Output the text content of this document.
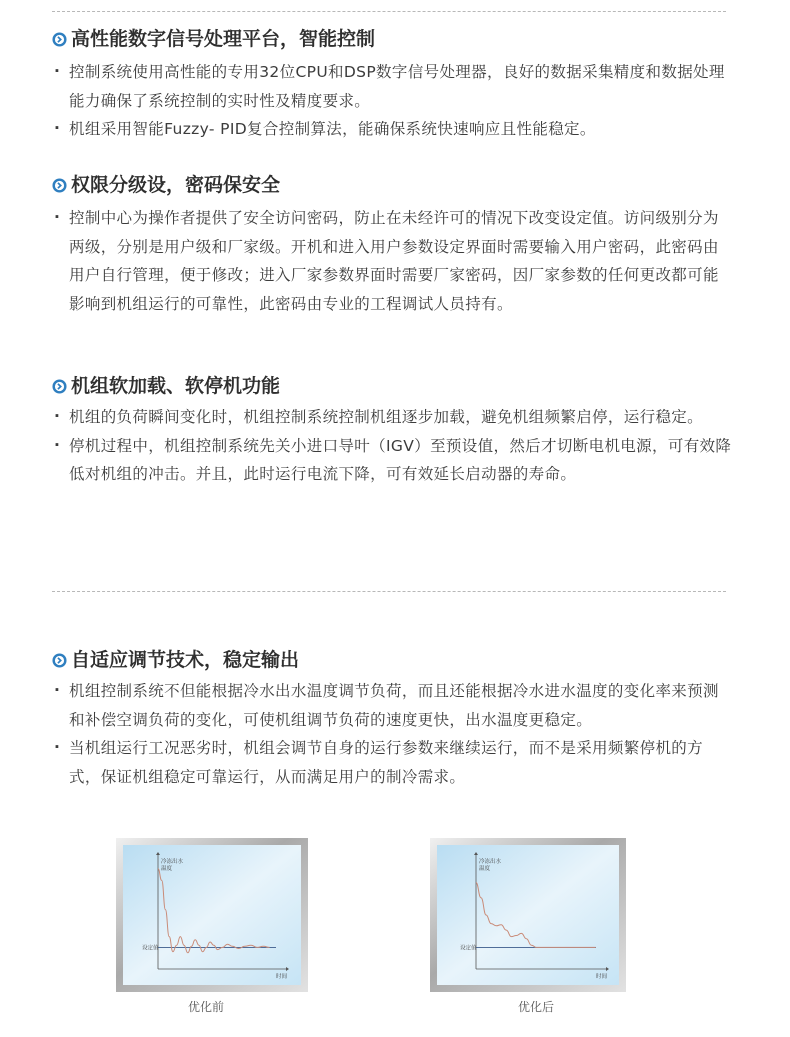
高性能数字信号处理平台，智能控制
· 控制系统使用高性能的专用32位CPU和DSP数字信号处理器，良好的数据采集精度和数据处理能力确保了系统控制的实时性及精度要求。
· 机组采用智能Fuzzy- PID复合控制算法，能确保系统快速响应且性能稳定。
权限分级设，密码保安全
· 控制中心为操作者提供了安全访问密码，防止在未经许可的情况下改变设定值。访问级别分为两级，分别是用户级和厂家级。开机和进入用户参数设定界面时需要输入用户密码，此密码由用户自行管理，便于修改；进入厂家参数界面时需要厂家密码，因厂家参数的任何更改都可能影响到机组运行的可靠性，此密码由专业的工程调试人员持有。
机组软加载、软停机功能
· 机组的负荷瞬间变化时，机组控制系统控制机组逐步加载，避免机组频繁启停，运行稳定。
· 停机过程中，机组控制系统先关小进口导叶（IGV）至预设值，然后才切断电机电源，可有效降低对机组的冲击。并且，此时运行电流下降，可有效延长启动器的寿命。
自适应调节技术，稳定输出
· 机组控制系统不但能根据冷水出水温度调节负荷，而且还能根据冷水进水温度的变化率来预测和补偿空调负荷的变化，可使机组调节负荷的速度更快，出水温度更稳定。
· 当机组运行工况恶劣时，机组会调节自身的运行参数来继续运行，而不是采用频繁停机的方式，保证机组稳定可靠运行，从而满足用户的制冷需求。
冷冻出水
温度
设定值
时间
优化前
冷冻出水
温度
设定值
时间
优化后
